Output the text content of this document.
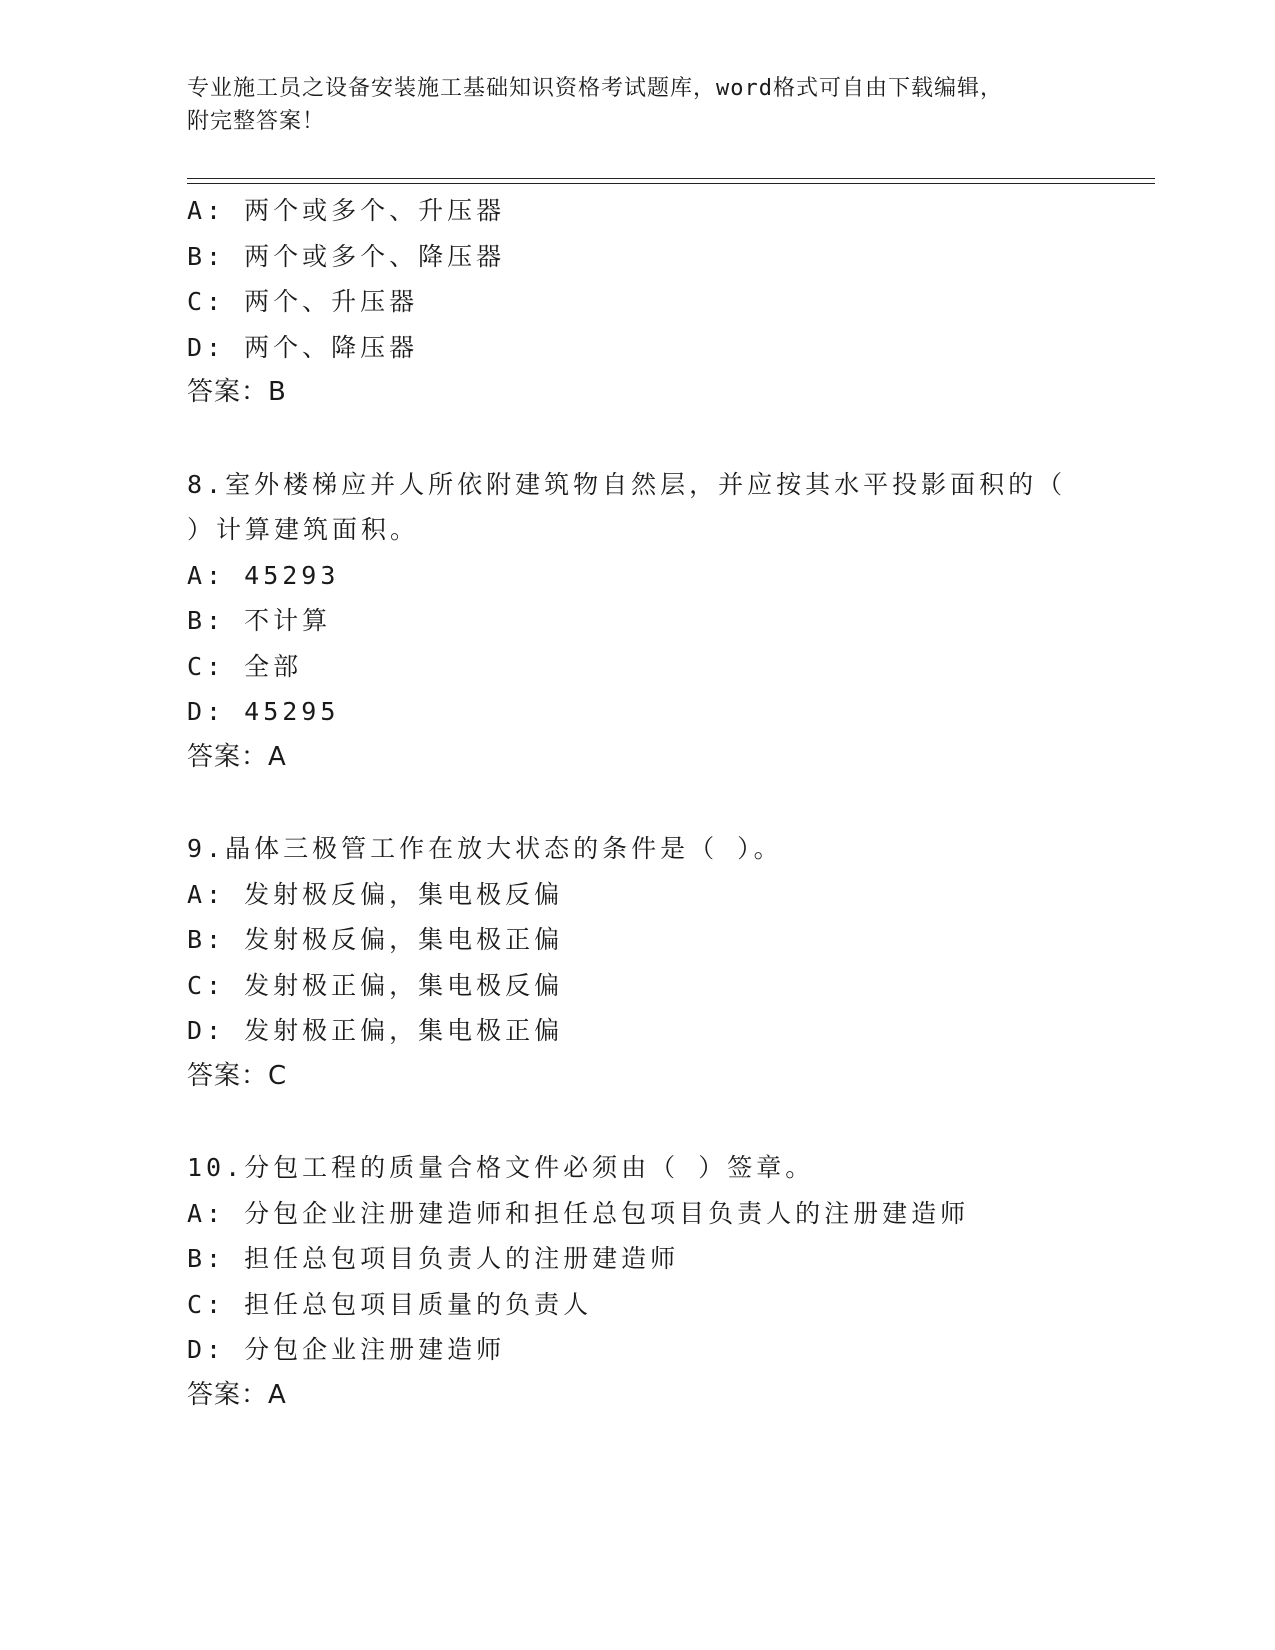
专业施工员之设备安装施工基础知识资格考试题库，word格式可自由下载编辑，
附完整答案！
A: 两个或多个、升压器
B: 两个或多个、降压器
C: 两个、升压器
D: 两个、降压器
答案：B
8.室外楼梯应并人所依附建筑物自然层，并应按其水平投影面积的（ ）计算建筑面积。
A: 45293
B: 不计算
C: 全部
D: 45295
答案：A
9.晶体三极管工作在放大状态的条件是（ ）。
A: 发射极反偏，集电极反偏
B: 发射极反偏，集电极正偏
C: 发射极正偏，集电极反偏
D: 发射极正偏，集电极正偏
答案：C
10.分包工程的质量合格文件必须由（ ）签章。
A: 分包企业注册建造师和担任总包项目负责人的注册建造师
B: 担任总包项目负责人的注册建造师
C: 担任总包项目质量的负责人
D: 分包企业注册建造师
答案：A
